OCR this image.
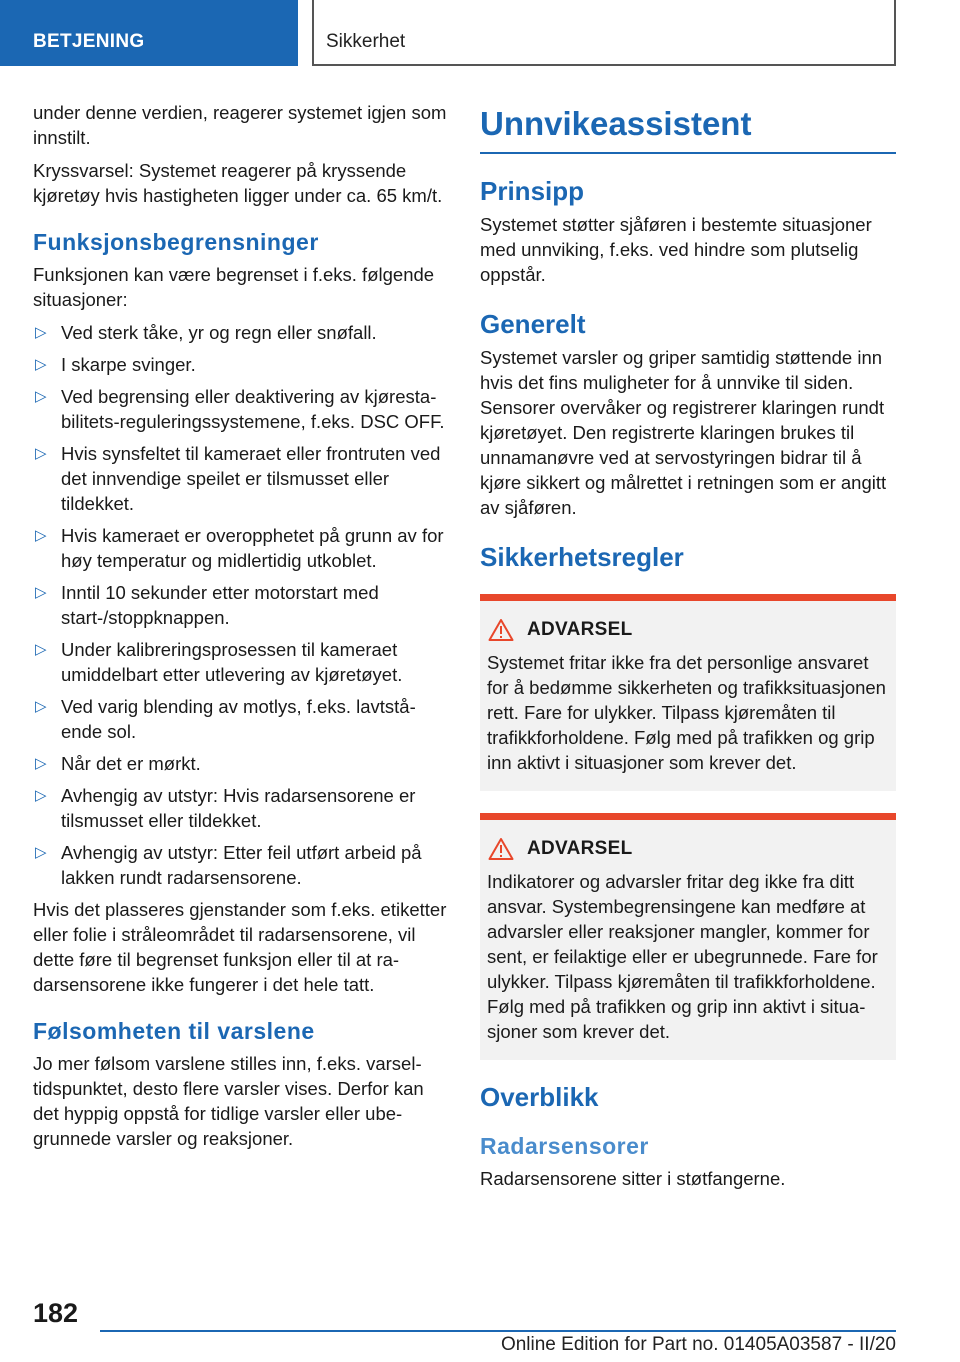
BETJENING	Sikkerhet

under denne verdien, reagerer systemet igjen som innstilt.

Kryssvarsel: Systemet reagerer på kryssende kjøretøy hvis hastigheten ligger under ca. 65 km/t.

Funksjonsbegrensninger

Funksjonen kan være begrenset i f.eks. følgende situasjoner:

▷ Ved sterk tåke, yr og regn eller snøfall.
▷ I skarpe svinger.
▷ Ved begrensing eller deaktivering av kjørestabilitets-reguleringssystemene, f.eks. DSC OFF.
▷ Hvis synsfeltet til kameraet eller frontruten ved det innvendige speilet er tilsmusset eller tildekket.
▷ Hvis kameraet er overopphetet på grunn av for høy temperatur og midlertidig utkoblet.
▷ Inntil 10 sekunder etter motorstart med start-/stoppknappen.
▷ Under kalibreringsprosessen til kameraet umiddelbart etter utlevering av kjøretøyet.
▷ Ved varig blending av motlys, f.eks. lavtstående sol.
▷ Når det er mørkt.
▷ Avhengig av utstyr: Hvis radarsensorene er tilsmusset eller tildekket.
▷ Avhengig av utstyr: Etter feil utført arbeid på lakken rundt radarsensorene.

Hvis det plasseres gjenstander som f.eks. etiketter eller folie i stråleområdet til radarsensorene, vil dette føre til begrenset funksjon eller til at radarsensorene ikke fungerer i det hele tatt.

Følsomheten til varslene

Jo mer følsom varslene stilles inn, f.eks. varseltidspunktet, desto flere varsler vises. Derfor kan det hyppig oppstå for tidlige varsler eller ubegrunnede varsler og reaksjoner.

Unnvikeassistent
Prinsipp

Systemet støtter sjåføren i bestemte situasjoner med unnviking, f.eks. ved hindre som plutselig oppstår.

Generelt

Systemet varsler og griper samtidig støttende inn hvis det fins muligheter for å unnvike til siden. Sensorer overvåker og registrerer klaringen rundt kjøretøyet. Den registrerte klaringen brukes til unnamanøvre ved at servostyringen bidrar til å kjøre sikkert og målrettet i retningen som er angitt av sjåføren.

Sikkerhetsregler
ADVARSEL
Systemet fritar ikke fra det personlige ansvaret for å bedømme sikkerheten og trafikksituasjonen rett. Fare for ulykker. Tilpass kjøremåten til trafikkforholdene. Følg med på trafikken og grip inn aktivt i situasjoner som krever det.
ADVARSEL
Indikatorer og advarsler fritar deg ikke fra ditt ansvar. Systembegrensingene kan medføre at advarsler eller reaksjoner mangler, kommer for sent, er feilaktige eller er ubegrunnede. Fare for ulykker. Tilpass kjøremåten til trafikkforholdene. Følg med på trafikken og grip inn aktivt i situasjoner som krever det.
Overblikk
Radarsensorer

Radarsensorene sitter i støtfangerne.

182
Online Edition for Part no. 01405A03587 - II/20
